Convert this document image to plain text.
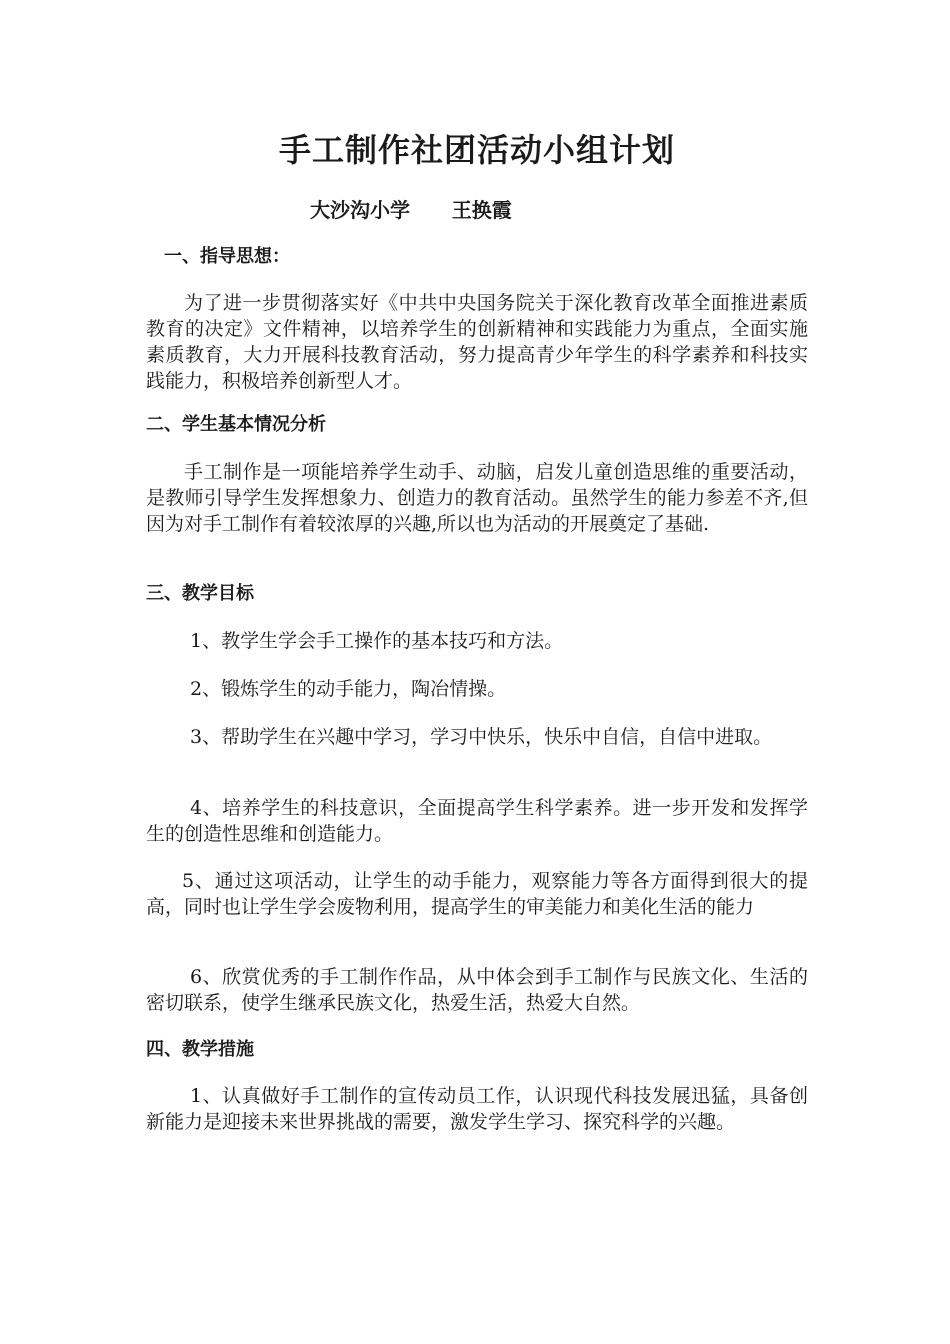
手工制作社团活动小组计划
大沙沟小学      王换霞
一、指导思想：
为了进一步贯彻落实好《中共中央国务院关于深化教育改革全面推进素质教育的决定》文件精神，以培养学生的创新精神和实践能力为重点，全面实施素质教育，大力开展科技教育活动，努力提高青少年学生的科学素养和科技实践能力，积极培养创新型人才。
二、学生基本情况分析
手工制作是一项能培养学生动手、动脑，启发儿童创造思维的重要活动，是教师引导学生发挥想象力、创造力的教育活动。虽然学生的能力参差不齐,但因为对手工制作有着较浓厚的兴趣,所以也为活动的开展奠定了基础.
三、教学目标
1、教学生学会手工操作的基本技巧和方法。
2、锻炼学生的动手能力，陶冶情操。
3、帮助学生在兴趣中学习，学习中快乐，快乐中自信，自信中进取。
4、培养学生的科技意识，全面提高学生科学素养。进一步开发和发挥学生的创造性思维和创造能力。
5、通过这项活动，让学生的动手能力，观察能力等各方面得到很大的提高，同时也让学生学会废物利用，提高学生的审美能力和美化生活的能力
6、欣赏优秀的手工制作作品，从中体会到手工制作与民族文化、生活的密切联系，使学生继承民族文化，热爱生活，热爱大自然。
四、教学措施
1、认真做好手工制作的宣传动员工作，认识现代科技发展迅猛，具备创新能力是迎接未来世界挑战的需要，激发学生学习、探究科学的兴趣。
